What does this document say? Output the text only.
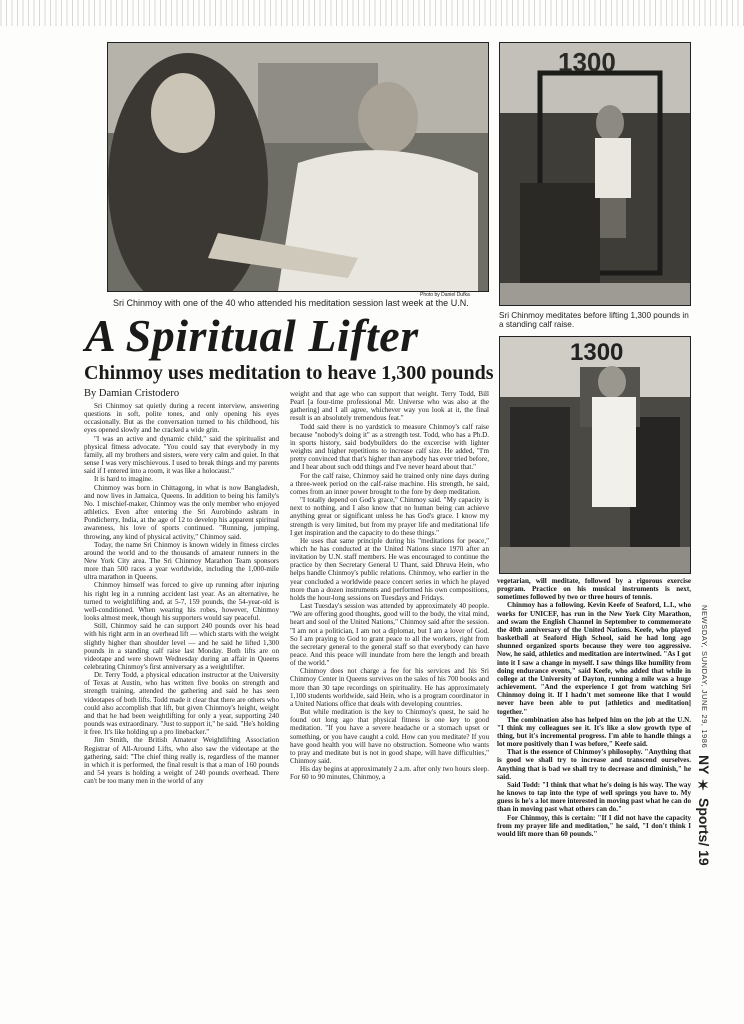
Photo by Daniel Dufka
Sri Chinmoy with one of the 40 who attended his meditation session last week at the U.N.
1300
Sri Chinmoy meditates before lifting 1,300 pounds in a standing calf raise.
1300
A Spiritual Lifter
Chinmoy uses meditation to heave 1,300 pounds
By Damian Cristodero

Sri Chinmoy sat quietly during a recent interview, answering questions in soft, polite tones, and only opening his eyes occasionally. But as the conversation turned to his childhood, his eyes opened slowly and he cracked a wide grin.

"I was an active and dynamic child," said the spiritualist and physical fitness advocate. "You could say that everybody in my family, all my brothers and sisters, were very calm and quiet. In that sense I was very mischievous. I used to break things and my parents said if I entered into a room, it was like a holocaust."

It is hard to imagine.

Chinmoy was born in Chittagong, in what is now Bangladesh, and now lives in Jamaica, Queens. In addition to being his family's No. 1 mischief-maker, Chinmoy was the only member who enjoyed athletics. Even after entering the Sri Aurobindo ashram in Pondicherry, India, at the age of 12 to develop his apparent spiritual awareness, his love of sports continued. "Running, jumping, throwing, any kind of physical activity," Chinmoy said.

Today, the name Sri Chinmoy is known widely in fitness circles around the world and to the thousands of amateur runners in the New York City area. The Sri Chinmoy Marathon Team sponsors more than 500 races a year worldwide, including the 1,000-mile ultra marathon in Queens.

Chinmoy himself was forced to give up running after injuring his right leg in a running accident last year. As an alternative, he turned to weightlifting and, at 5-7, 159 pounds, the 54-year-old is well-conditioned. When wearing his robes, however, Chinmoy looks almost meek, though his supporters would say peaceful.

Still, Chinmoy said he can support 240 pounds over his head with his right arm in an overhead lift — which starts with the weight slightly higher than shoulder level — and he said he lifted 1,300 pounds in a standing calf raise last Monday. Both lifts are on videotape and were shown Wednesday during an affair in Queens celebrating Chinmoy's first anniversary as a weightlifter.

Dr. Terry Todd, a physical education instructor at the University of Texas at Austin, who has written five books on strength and strength training, attended the gathering and said he has seen videotapes of both lifts. Todd made it clear that there are others who could also accomplish that lift, but given Chinmoy's height, weight and that he had been weightlifting for only a year, supporting 240 pounds was extraordinary. "Just to support it," he said. "He's holding it free. It's like holding up a pro linebacker."

Jim Smith, the British Amateur Weightlifting Association Registrar of All-Around Lifts, who also saw the videotape at the gathering, said: "The chief thing really is, regardless of the manner in which it is performed, the final result is that a man of 160 pounds and 54 years is holding a weight of 240 pounds overhead. There can't be too many men in the world of any

weight and that age who can support that weight. Terry Todd, Bill Pearl [a four-time professional Mr. Universe who was also at the gathering] and I all agree, whichever way you look at it, the final result is an absolutely tremendous feat."

Todd said there is no yardstick to measure Chinmoy's calf raise because "nobody's doing it" as a strength test. Todd, who has a Ph.D. in sports history, said bodybuilders do the excercise with lighter weights and higher repetitions to increase calf size. He added, "I'm pretty convinced that that's higher than anybody has ever tried before, and I hear about such odd things and I've never heard about that."

For the calf raise, Chinmoy said he trained only nine days during a three-week period on the calf-raise machine. His strength, he said, comes from an inner power brought to the fore by deep meditation.

"I totally depend on God's grace," Chinmoy said. "My capacity is next to nothing, and I also know that no human being can achieve anything great or significant unless he has God's grace. I know my strength is very limited, but from my prayer life and meditational life I get inspiration and the capacity to do these things."

He uses that same principle during his "meditations for peace," which he has conducted at the United Nations since 1970 after an invitation by U.N. staff members. He was encouraged to continue the practice by then Secretary General U Thant, said Dhruva Hein, who helps handle Chinmoy's public relations. Chinmoy, who earlier in the year concluded a worldwide peace concert series in which he played more than a dozen instruments and performed his own compositions, holds the hour-long sessions on Tuesdays and Fridays.

Last Tuesday's session was attended by approximately 40 people. "We are offering good thoughts, good will to the body, the vital mind, heart and soul of the United Nations," Chinmoy said after the session. "I am not a politician, I am not a diplomat, but I am a lover of God. So I am praying to God to grant peace to all the workers, right from the secretary general to the general staff so that everybody can have peace. And this peace will inundate from here the length and breath of the world."

Chinmoy does not charge a fee for his services and his Sri Chinmoy Center in Queens survives on the sales of his 700 books and more than 30 tape recordings on spirituality. He has approximately 1,100 students worldwide, said Hein, who is a program coordinator in a United Nations office that deals with developing countries.

But while meditation is the key to Chinmoy's quest, he said he found out long ago that physical fitness is one key to good meditation. "If you have a severe headache or a stomach upset or something, or you have caught a cold. How can you meditate? If you have good health you will have no obstruction. Someone who wants to pray and meditate but is not in good shape, will have difficulties," Chinmoy said.

His day begins at approximately 2 a.m. after only two hours sleep. For 60 to 90 minutes, Chinmoy, a

vegetarian, will meditate, followed by a rigorous exercise program. Practice on his musical instruments is next, sometimes followed by two or three hours of tennis.

Chinmoy has a following. Kevin Keefe of Seaford, L.I., who works for UNICEF, has run in the New York City Marathon, and swam the English Channel in September to commemorate the 40th anniversary of the United Nations. Keefe, who played basketball at Seaford High School, said he had long ago shunned organized sports because they were too aggressive. Now, he said, athletics and meditation are intertwined. "As I got into it I saw a change in myself. I saw things like humility from doing endurance events," said Keefe, who added that while in college at the University of Dayton, running a mile was a huge achievement. "And the experience I got from watching Sri Chinmoy doing it. If I hadn't met someone like that I would never have been able to put [athletics and meditation] together."

The combination also has helped him on the job at the U.N. "I think my colleagues see it. It's like a slow growth type of thing, but it's incremental progress. I'm able to handle things a lot more positively than I was before," Keefe said.

That is the essence of Chinmoy's philosophy. "Anything that is good we shall try to increase and transcend ourselves. Anything that is bad we shall try to decrease and diminish," he said.

Said Todd: "I think that what he's doing is his way. The way he knows to tap into the type of well springs you have to. My guess is he's a lot more interested in moving past what he can do than in moving past what others can do."

For Chinmoy, this is certain: "If I did not have the capacity from my prayer life and meditation," he said, "I don't think I would lift more than 60 pounds."

NEWSDAY, SUNDAY, JUNE 29, 1986
NY ✶ Sports/ 19
